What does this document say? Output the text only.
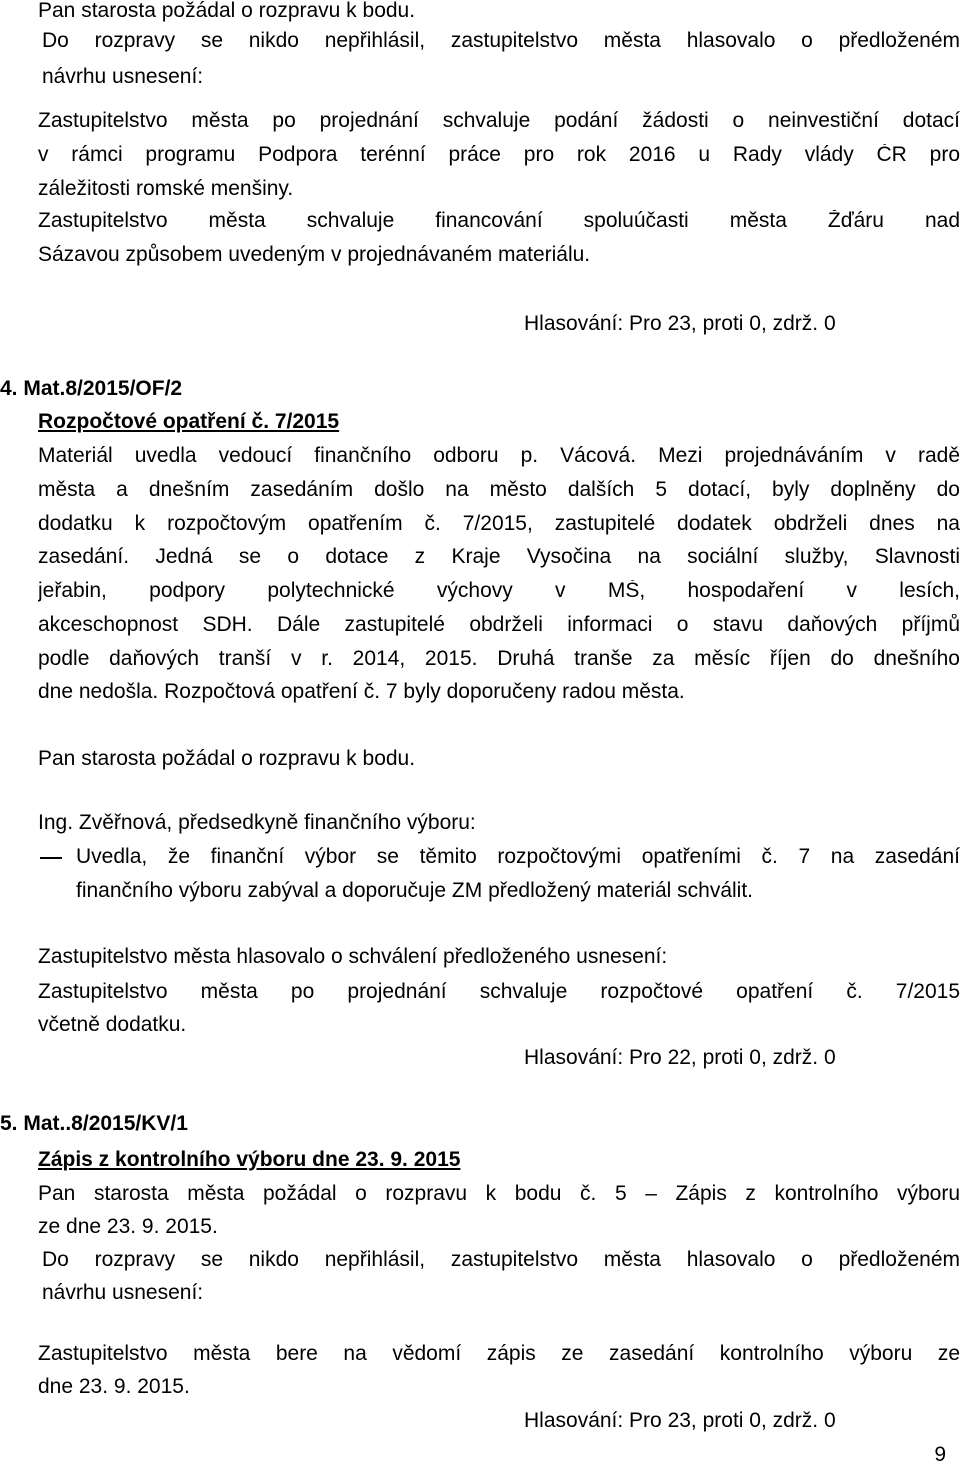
Pan starosta požádal o rozpravu k bodu.
Do rozpravy se nikdo nepřihlásil, zastupitelstvo města hlasovalo o předloženém
návrhu usnesení:
Zastupitelstvo města po projednání schvaluje podání žádosti o neinvestiční dotací
v rámci programu Podpora terénní práce pro rok 2016 u Rady vlády ČR pro
záležitosti romské menšiny.
Zastupitelstvo města schvaluje financování spoluúčasti města Žďáru nad
Sázavou způsobem uvedeným v projednávaném materiálu.
Hlasování: Pro 23, proti 0, zdrž. 0
4. Mat.8/2015/OF/2
Rozpočtové opatření č. 7/2015
Materiál uvedla vedoucí finančního odboru p. Vácová. Mezi projednáváním v radě
města a dnešním zasedáním došlo na město dalších 5 dotací, byly doplněny do
dodatku k rozpočtovým opatřením č. 7/2015, zastupitelé dodatek obdrželi dnes na
zasedání. Jedná se o dotace z Kraje Vysočina na sociální služby, Slavnosti
jeřabin, podpory polytechnické výchovy v MŠ, hospodaření v lesích,
akceschopnost SDH. Dále zastupitelé obdrželi informaci o stavu daňových příjmů
podle daňových tranší v r. 2014, 2015. Druhá tranše za měsíc říjen do dnešního
dne nedošla. Rozpočtová opatření č. 7 byly doporučeny radou města.
Pan starosta požádal o rozpravu k bodu.
Ing. Zvěřnová, předsedkyně finančního výboru:
Uvedla, že finanční výbor se těmito rozpočtovými opatřeními č. 7 na zasedání
finančního výboru zabýval a doporučuje ZM předložený materiál schválit.
Zastupitelstvo města hlasovalo o schválení předloženého usnesení:
Zastupitelstvo města po projednání schvaluje rozpočtové opatření č. 7/2015
včetně dodatku.
Hlasování: Pro 22, proti 0, zdrž. 0
5. Mat..8/2015/KV/1
Zápis z kontrolního výboru dne 23. 9. 2015
Pan starosta města požádal o rozpravu k bodu č. 5 – Zápis z kontrolního výboru
ze dne 23. 9. 2015.
Do rozpravy se nikdo nepřihlásil, zastupitelstvo města hlasovalo o předloženém
návrhu usnesení:
Zastupitelstvo města bere na vědomí zápis ze zasedání kontrolního výboru ze
dne 23. 9. 2015.
Hlasování: Pro 23, proti 0, zdrž. 0
9
